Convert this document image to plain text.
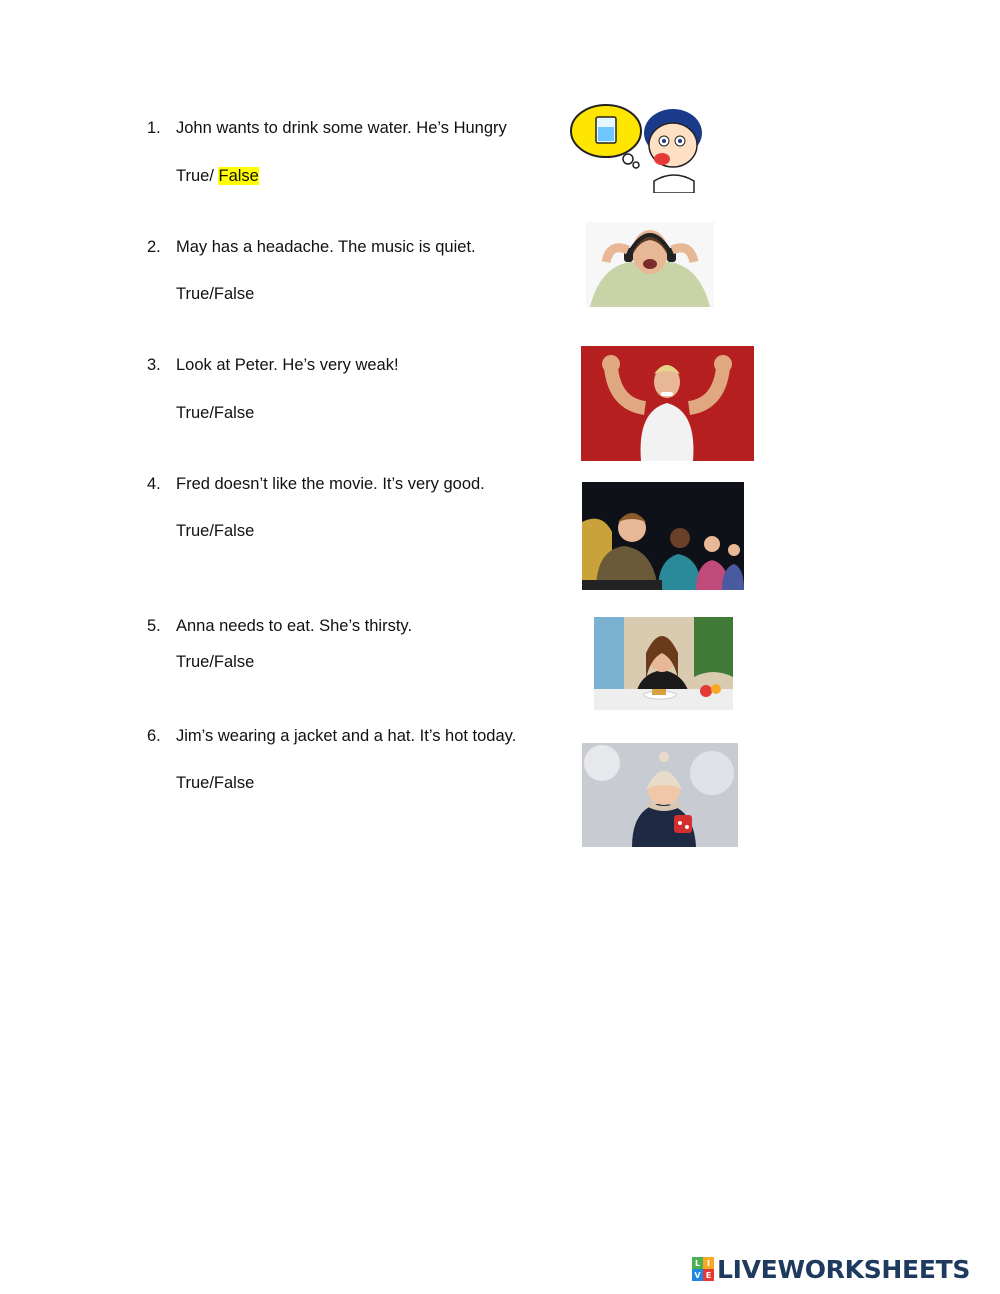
1. John wants to drink some water. He’s Hungry
True/ False
2. May has a headache. The music is quiet.
True/False
3. Look at Peter. He’s very weak!
True/False
4. Fred doesn’t like the movie. It’s very good.
True/False
5. Anna needs to eat. She’s thirsty.
True/False
6. Jim’s wearing a jacket and a hat. It’s hot today.
True/False
L I
V E LIVEWORKSHEETS
